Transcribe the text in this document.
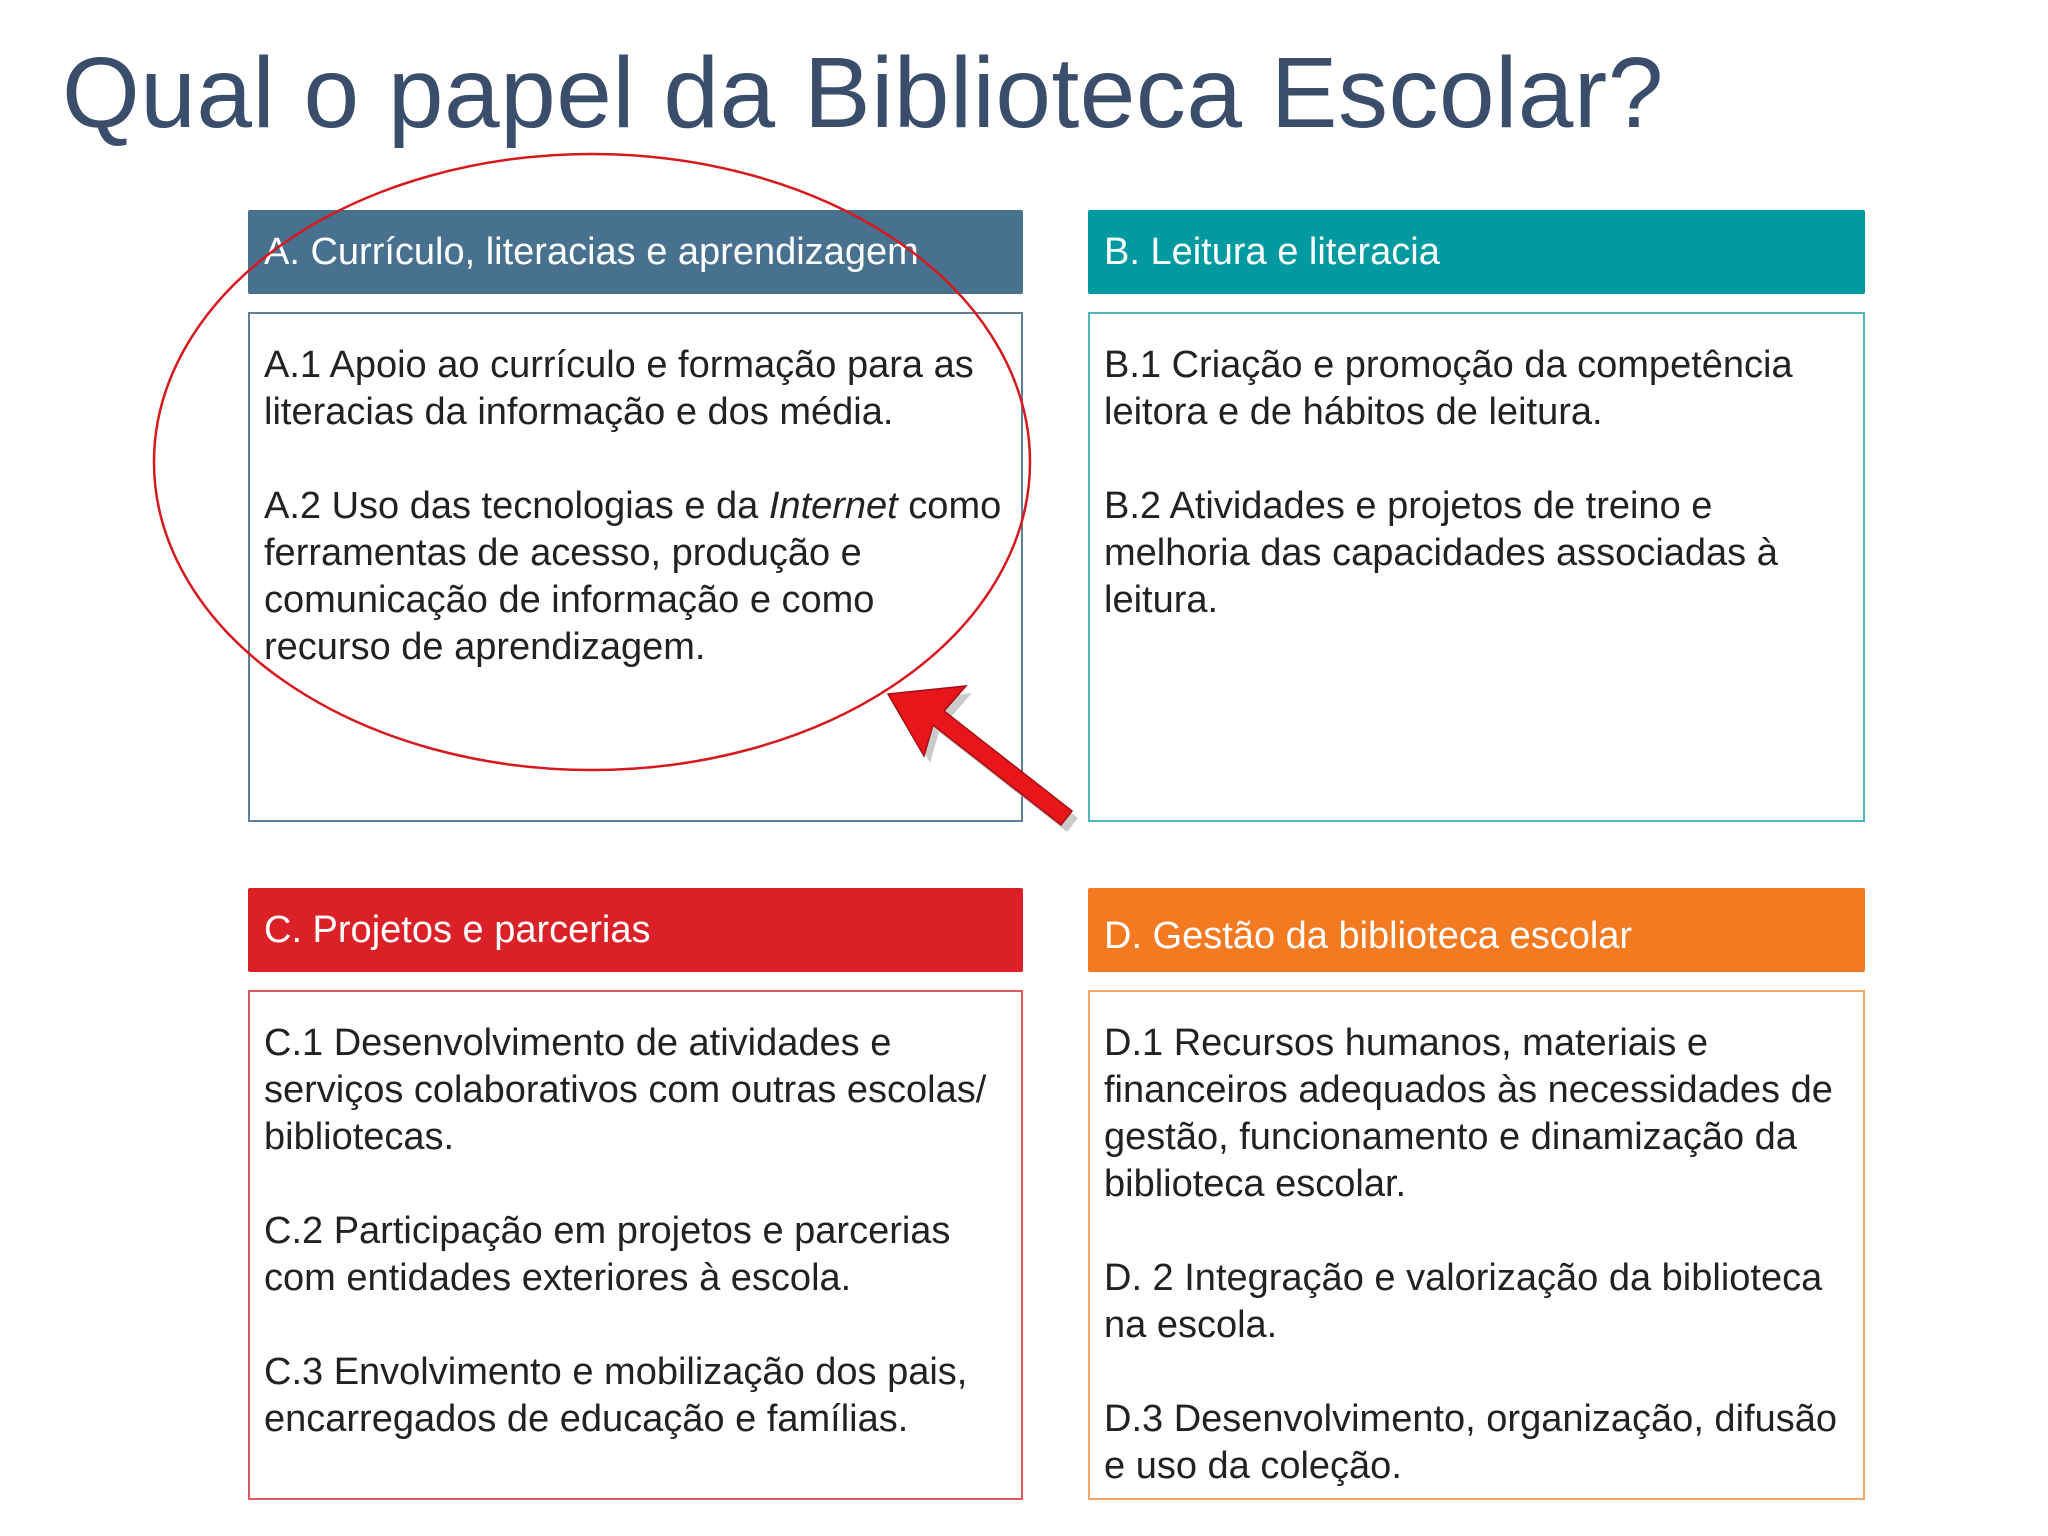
Qual o papel da Biblioteca Escolar?
A. Currículo, literacias e aprendizagem

A.1 Apoio ao currículo e formação para as literacias da informação e dos média.

A.2 Uso das tecnologias e da Internet como ferramentas de acesso, produção e comunicação de informação e como recurso de aprendizagem.

B. Leitura e literacia

B.1 Criação e promoção da competência leitora e de hábitos de leitura.

B.2 Atividades e projetos de treino e melhoria das capacidades associadas à leitura.

C. Projetos e parcerias

C.1 Desenvolvimento de atividades e serviços colaborativos com outras escolas/ bibliotecas.

C.2 Participação em projetos e parcerias com entidades exteriores à escola.

C.3 Envolvimento e mobilização dos pais, encarregados de educação e famílias.

D. Gestão da biblioteca escolar

D.1 Recursos humanos, materiais e financeiros adequados às necessidades de gestão, funcionamento e dinamização da biblioteca escolar.

D. 2 Integração e valorização da biblioteca na escola.

D.3 Desenvolvimento, organização, difusão e uso da coleção.
